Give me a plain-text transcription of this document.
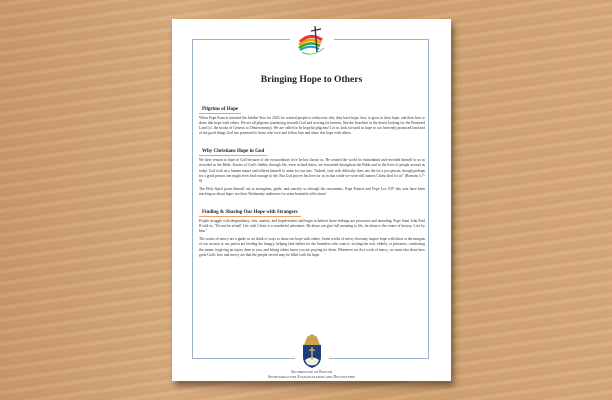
Bringing Hope to Others
Pilgrims of Hope

When Pope Francis initiated the Jubilee Year for 2025, he wanted people to rediscover why they have hope, how to grow in their hope, and then how to share that hope with others. We are all pilgrims journeying towards God and striving for heaven, like the Israelites in the desert looking for the Promised Land (cf. the books of Genesis to Deuteronomy). We are called to be hopeful pilgrims! Let us look forward in hope to our heavenly promised land and of the good things God has promised to those who love and follow him and share this hope with others.

Why Christians Hope in God

We have reason to hope in God because of the extraordinary love he has shown us. He created the world for humankind and revealed himself to us as recorded in the Bible. Stories of God's fidelity through life, even in hard times, are recounted throughout the Bible and in the lives of people around us today. God took on a human nature and offered himself to atone for our sins. "Indeed, only with difficulty does one die for a just person, though perhaps for a good person one might even find courage to die. But God proves his love for us in that while we were still sinners Christ died for us" (Romans 5:7-8).

The Holy Spirit pours himself out to strengthen, guide, and sanctify us through the sacraments. Pope Francis and Pope Leo XIV this year have been teaching us about hope; see their Wednesday audiences for some beautiful reflections!

Finding & Sharing Our Hope with Strangers

People struggle with despondency, fear, anxiety, and hopelessness and begin to believe these feelings are pervasive and unending. Pope Saint John Paul II told us, "Do not be afraid! Life with Christ is a wonderful adventure. He alone can give full meaning to life, he alone is the centre of history. Live by him."

The works of mercy are a guide as we think of ways to share our hope with others. Some works of mercy that may inspire hope with those at the margins of our society or our parish are feeding the hungry, helping find shelter for the homeless who want it, visiting the sick, elderly, or prisoners, comforting the sinner, forgiving an injury done to you, and letting others know you are praying for them. Whenever we do a work of mercy, we must also share how great God's love and mercy are that the people served may be filled with his hope.

Archdiocese of Boston
Secretariat for Evangelization and Discipleship
